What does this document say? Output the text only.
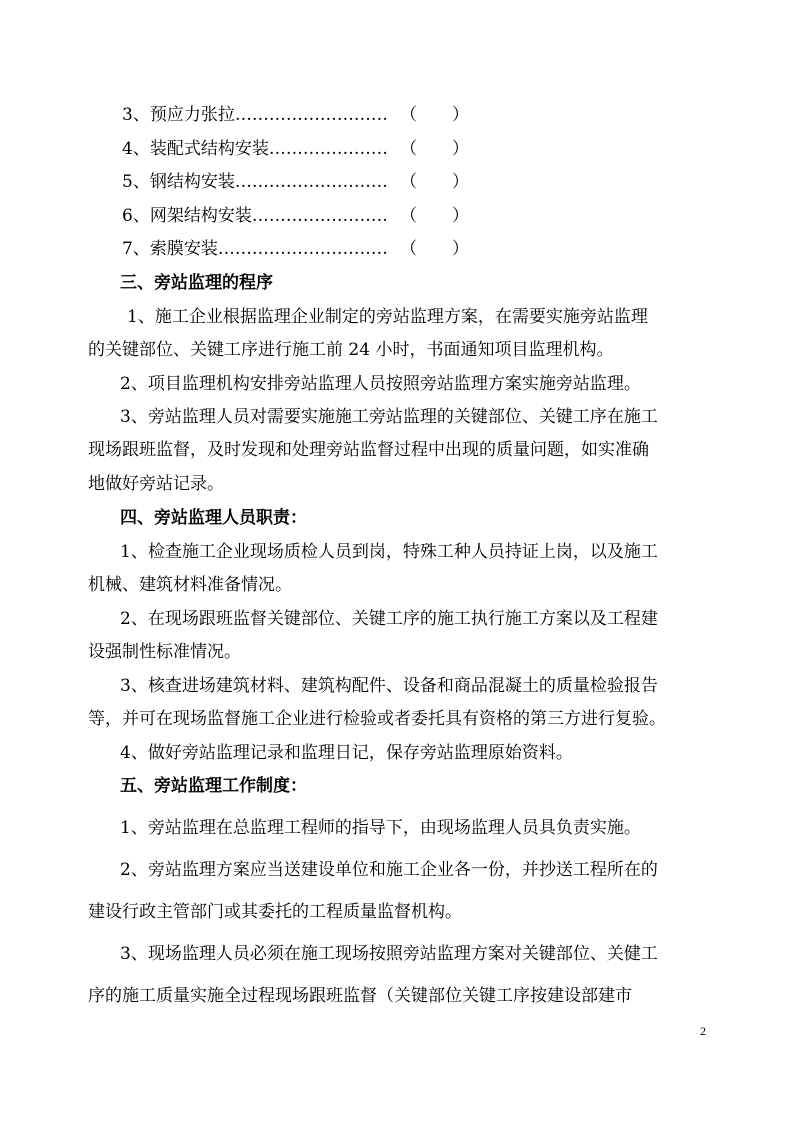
3、预应力张拉……………………… （ ）
4、装配式结构安装………………… （ ）
5、钢结构安装……………………… （ ）
6、网架结构安装…………………… （ ）
7、索膜安装………………………… （ ）
三、旁站监理的程序
1、施工企业根据监理企业制定的旁站监理方案，在需要实施旁站监理
的关键部位、关键工序进行施工前 24 小时，书面通知项目监理机构。
2、项目监理机构安排旁站监理人员按照旁站监理方案实施旁站监理。
3、旁站监理人员对需要实施施工旁站监理的关键部位、关键工序在施工
现场跟班监督，及时发现和处理旁站监督过程中出现的质量问题，如实准确
地做好旁站记录。
四、旁站监理人员职责：
1、检查施工企业现场质检人员到岗，特殊工种人员持证上岗，以及施工
机械、建筑材料准备情况。
2、在现场跟班监督关键部位、关键工序的施工执行施工方案以及工程建
设强制性标准情况。
3、核查进场建筑材料、建筑构配件、设备和商品混凝土的质量检验报告
等，并可在现场监督施工企业进行检验或者委托具有资格的第三方进行复验。
4、做好旁站监理记录和监理日记，保存旁站监理原始资料。
五、旁站监理工作制度：
1、旁站监理在总监理工程师的指导下，由现场监理人员具负责实施。
2、旁站监理方案应当送建设单位和施工企业各一份，并抄送工程所在的
建设行政主管部门或其委托的工程质量监督机构。
3、现场监理人员必须在施工现场按照旁站监理方案对关键部位、关健工
序的施工质量实施全过程现场跟班监督（关键部位关键工序按建设部建市
2
